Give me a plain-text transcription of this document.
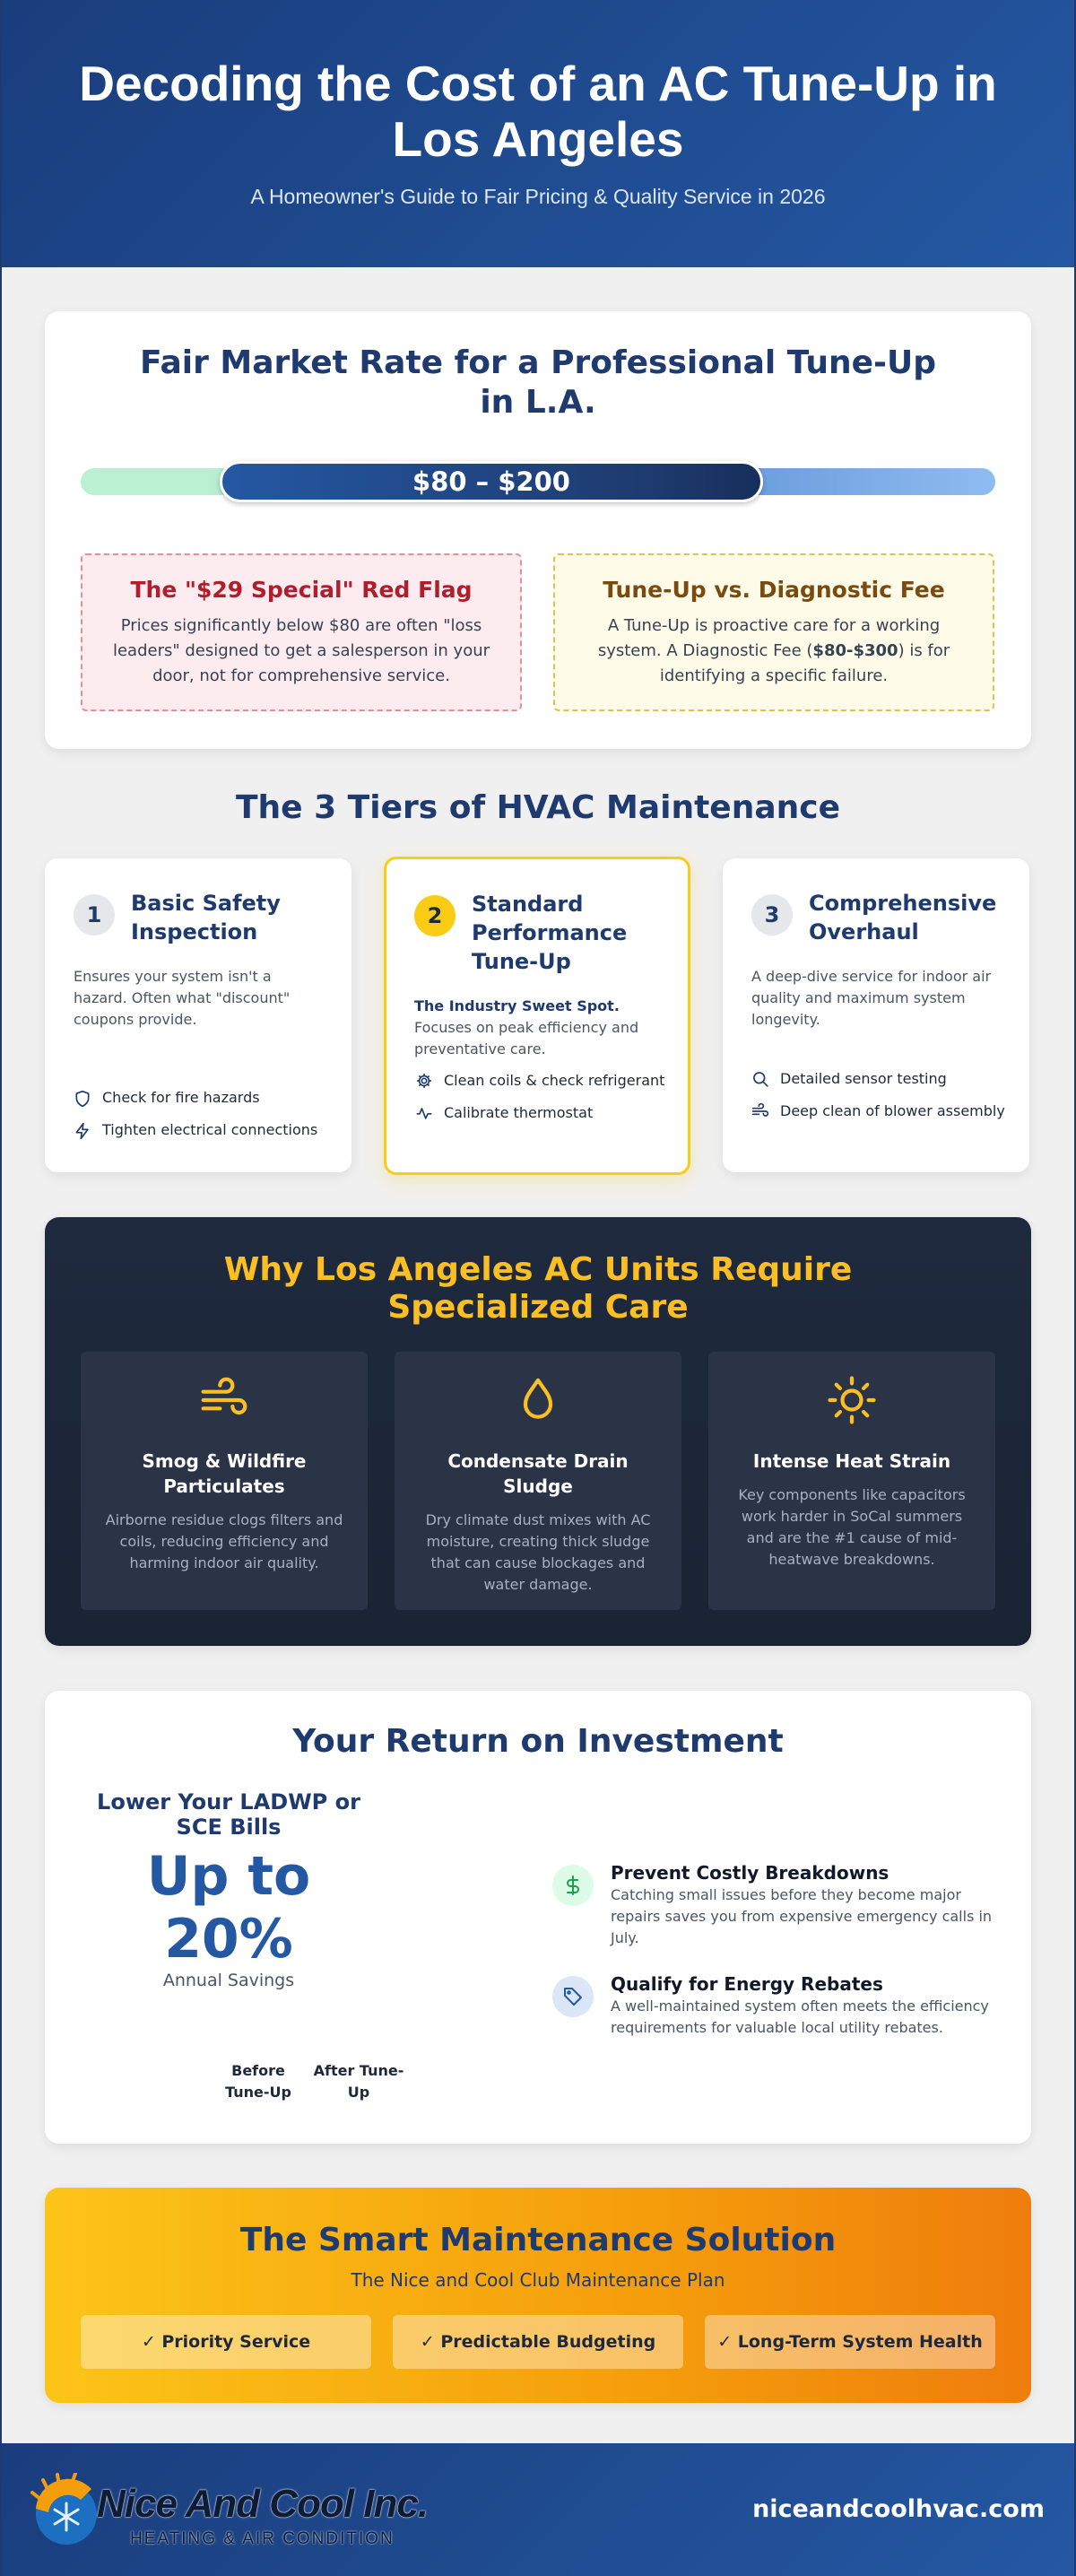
Decoding the Cost of an AC Tune-Up in Los Angeles

A Homeowner's Guide to Fair Pricing & Quality Service in 2026

Fair Market Rate for a Professional Tune-Up in L.A.
$80 – $200
The "$29 Special" Red Flag

Prices significantly below $80 are often "loss leaders" designed to get a salesperson in your door, not for comprehensive service.

Tune-Up vs. Diagnostic Fee

A Tune-Up is proactive care for a working system. A Diagnostic Fee ($80-$300) is for identifying a specific failure.

The 3 Tiers of HVAC Maintenance
1	Basic Safety Inspection
Ensures your system isn't a hazard. Often what "discount" coupons provide.
Check for fire hazards
Tighten electrical connections
2	Standard Performance Tune-Up
The Industry Sweet Spot.
Focuses on peak efficiency and preventative care.
Clean coils & check refrigerant
Calibrate thermostat
3	Comprehensive Overhaul
A deep-dive service for indoor air quality and maximum system longevity.
Detailed sensor testing
Deep clean of blower assembly
Why Los Angeles AC Units Require Specialized Care
Smog & Wildfire Particulates

Airborne residue clogs filters and coils, reducing efficiency and harming indoor air quality.

Condensate Drain Sludge

Dry climate dust mixes with AC moisture, creating thick sludge that can cause blockages and water damage.

Intense Heat Strain

Key components like capacitors work harder in SoCal summers and are the #1 cause of mid-heatwave breakdowns.

Your Return on Investment
Lower Your LADWP or SCE Bills
Up to 20%
Annual Savings
Before Tune-Up
After Tune-Up
Prevent Costly Breakdowns

Catching small issues before they become major repairs saves you from expensive emergency calls in July.

Qualify for Energy Rebates

A well-maintained system often meets the efficiency requirements for valuable local utility rebates.

The Smart Maintenance Solution
The Nice and Cool Club Maintenance Plan
✓ Priority Service	✓ Predictable Budgeting	✓ Long-Term System Health
Nice And Cool Inc.
HEATING & AIR CONDITION
niceandcoolhvac.com
